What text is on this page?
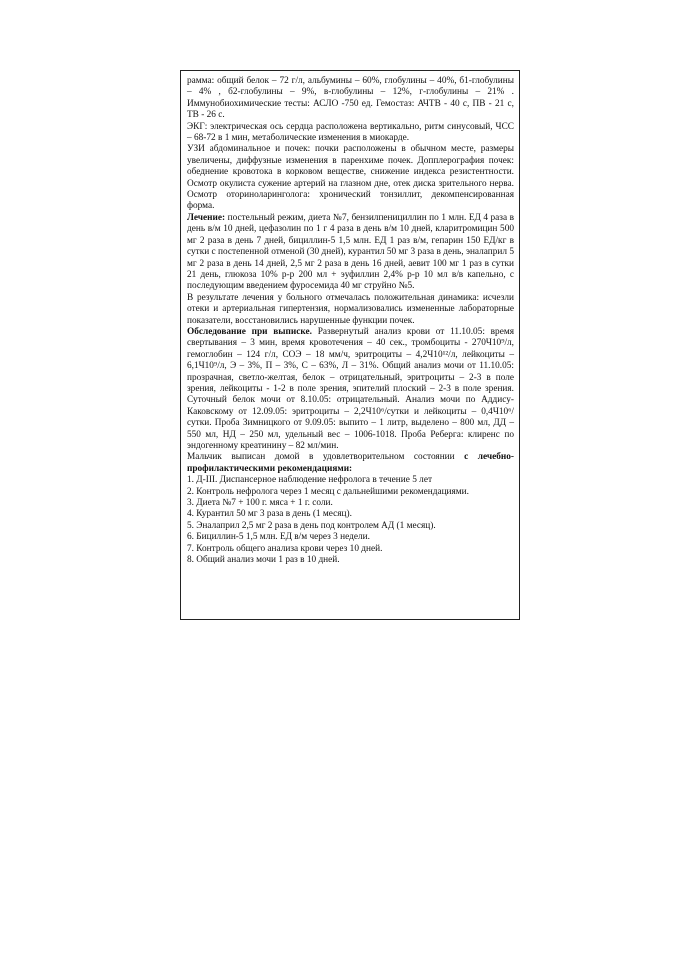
рамма: общий белок – 72 г/л, альбумины – 60%, глобулины – 40%, б1-глобулины – 4% , б2-глобулины – 9%, в-глобулины – 12%, г-глобулины – 21% . Иммунобиохимические тесты: АСЛО -750 ед. Гемостаз: АЧТВ - 40 с, ПВ - 21 с, ТВ - 26 с.

ЭКГ: электрическая ось сердца расположена вертикально, ритм синусовый, ЧСС – 68-72 в 1 мин, метаболические изменения в миокарде.

УЗИ абдоминальное и почек: почки расположены в обычном месте, размеры увеличены, диффузные изменения в паренхиме почек. Допплерография почек: обеднение кровотока в корковом веществе, снижение индекса резистентности. Осмотр окулиста сужение артерий на глазном дне, отек диска зрительного нерва. Осмотр оториноларинголога: хронический тонзиллит, декомпенсированная форма.

Лечение: постельный режим, диета №7, бензилпенициллин по 1 млн. ЕД 4 раза в день в/м 10 дней, цефазолин по 1 г 4 раза в день в/м 10 дней, кларитромицин 500 мг 2 раза в день 7 дней, бициллин-5 1,5 млн. ЕД 1 раз в/м, гепарин 150 ЕД/кг в сутки с постепенной отменой (30 дней), курантил 50 мг 3 раза в день, эналаприл 5 мг 2 раза в день 14 дней, 2,5 мг 2 раза в день 16 дней, аевит 100 мг 1 раз в сутки 21 день, глюкоза 10% р-р 200 мл + эуфиллин 2,4% р-р 10 мл в/в капельно, с последующим введением фуросемида 40 мг струйно №5.

В результате лечения у больного отмечалась положительная динамика: исчезли отеки и артериальная гипертензия, нормализовались измененные лабораторные показатели, восстановились нарушенные функции почек.

Обследование при выписке. Развернутый анализ крови от 11.10.05: время свертывания – 3 мин, время кровотечения – 40 сек., тромбоциты - 270Ч10⁹/л, гемоглобин – 124 г/л, СОЭ – 18 мм/ч, эритроциты – 4,2Ч10¹²/л, лейкоциты – 6,1Ч10⁹/л, Э – 3%, П – 3%, С – 63%, Л – 31%. Общий анализ мочи от 11.10.05: прозрачная, светло-желтая, белок – отрицательный, эритроциты – 2-3 в поле зрения, лейкоциты - 1-2 в поле зрения, эпителий плоский – 2-3 в поле зрения. Суточный белок мочи от 8.10.05: отрицательный. Анализ мочи по Аддису-Каковскому от 12.09.05: эритроциты – 2,2Ч10⁶/сутки и лейкоциты – 0,4Ч10⁶/сутки. Проба Зимницкого от 9.09.05: выпито – 1 литр, выделено – 800 мл, ДД – 550 мл, НД – 250 мл, удельный вес – 1006-1018. Проба Реберга: клиренс по эндогенному креатинину – 82 мл/мин.

Мальчик выписан домой в удовлетворительном состоянии с лечебно-профилактическими рекомендациями:

1. Д-III. Диспансерное наблюдение нефролога в течение 5 лет

2. Контроль нефролога через 1 месяц с дальнейшими рекомендациями.

3. Диета №7 + 100 г. мяса + 1 г. соли.

4. Курантил 50 мг 3 раза в день (1 месяц).

5. Эналаприл 2,5 мг 2 раза в день под контролем АД (1 месяц).

6. Бициллин-5 1,5 млн. ЕД в/м через 3 недели.

7. Контроль общего анализа крови через 10 дней.

8. Общий анализ мочи 1 раз в 10 дней.
